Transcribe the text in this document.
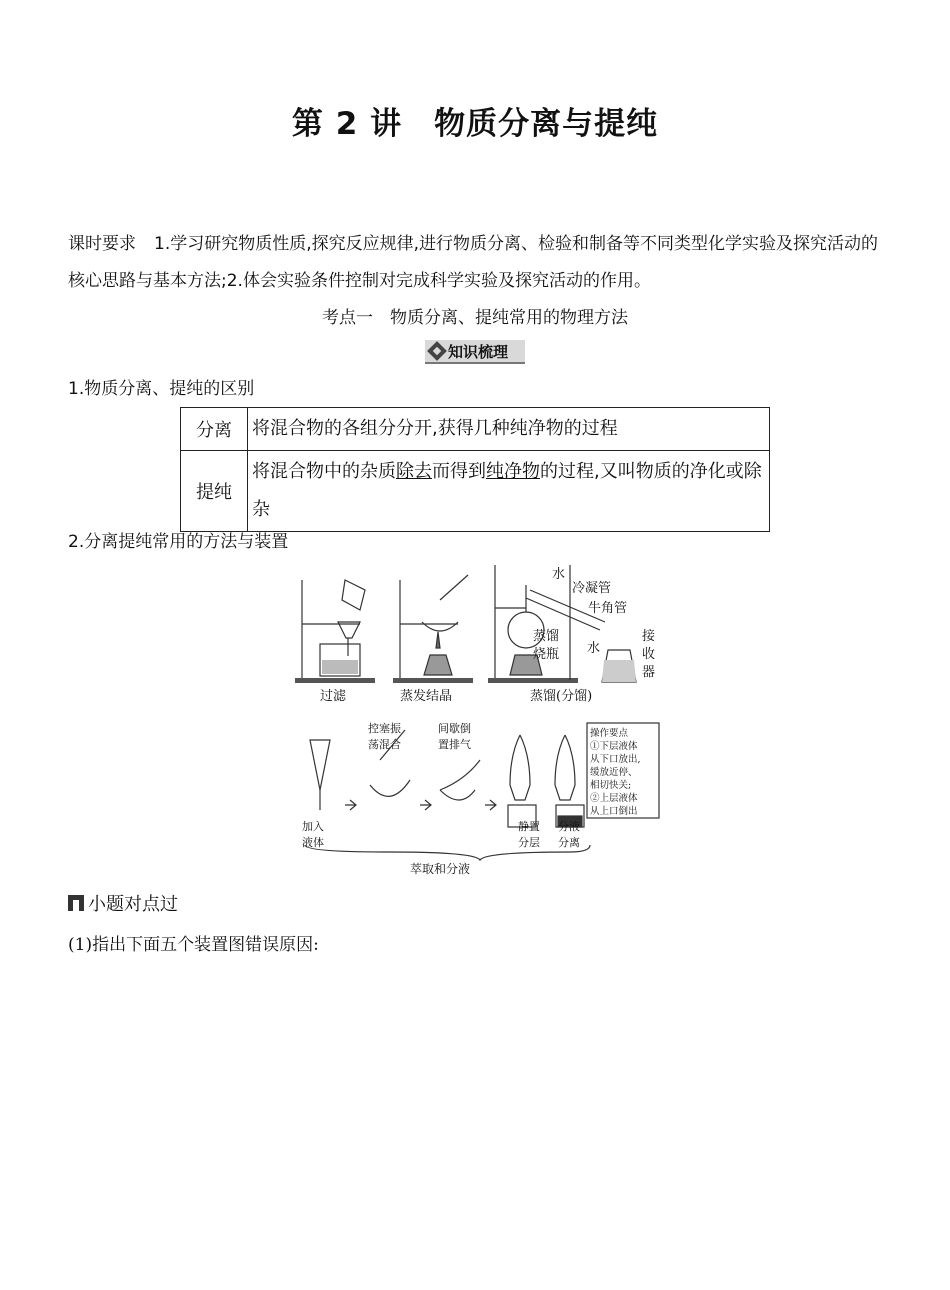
第 2 讲　物质分离与提纯
课时要求 1.学习研究物质性质,探究反应规律,进行物质分离、检验和制备等不同类型化学实验及探究活动的核心思路与基本方法;2.体会实验条件控制对完成科学实验及探究活动的作用。
考点一　物质分离、提纯常用的物理方法
知识梳理
1.物质分离、提纯的区别
分离	将混合物的各组分分开,获得几种纯净物的过程
提纯	将混合物中的杂质除去而得到纯净物的过程,又叫物质的净化或除杂
2.分离提纯常用的方法与装置
过滤	蒸发结晶	蒸馏(分馏)
水
冷凝管
牛角管
蒸馏
烧瓶 水
接
收
器
控塞振
荡混合
间歇倒
置排气
加入
液体
静置
分层
分液
分离
操作要点
①下层液体
从下口放出,
缓放近停、
相切快关;
②上层液体
从上口倒出
萃取和分液
小题对点过
(1)指出下面五个装置图错误原因:
